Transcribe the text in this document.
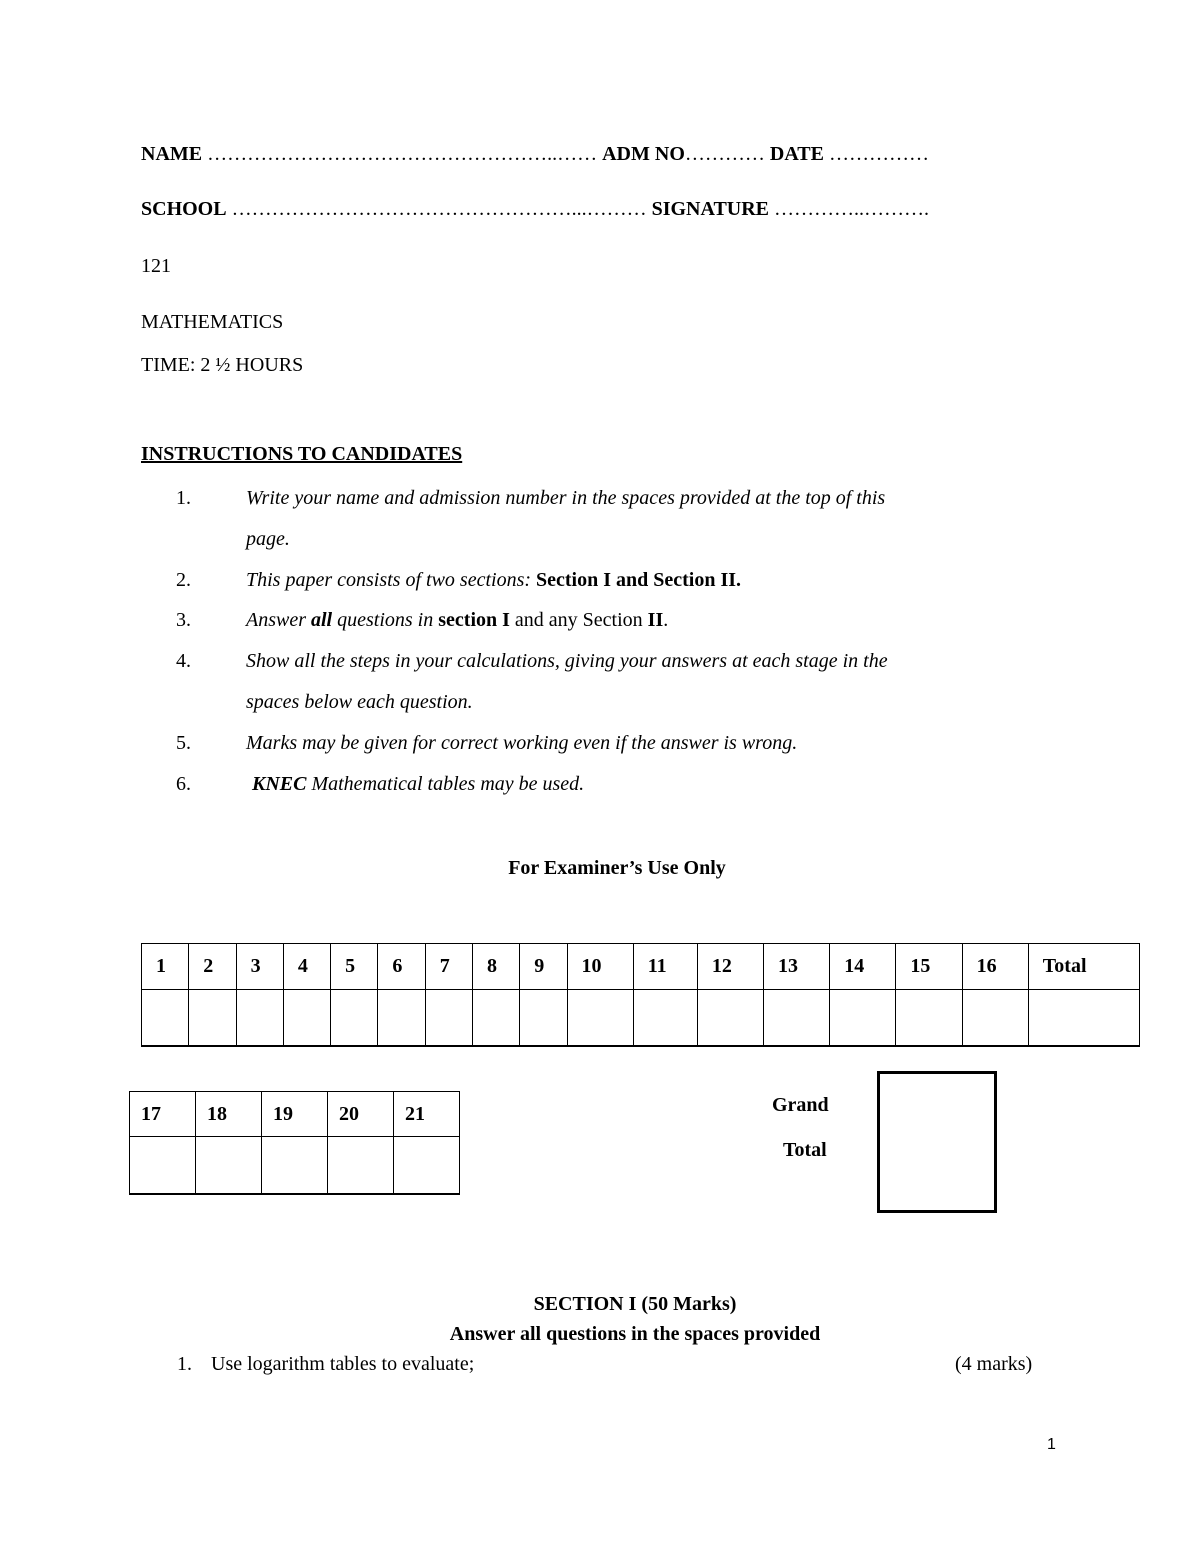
NAME ……………………………………………..…… ADM NO………… DATE ……………
SCHOOL ……………………………………………...……… SIGNATURE …………..……….
121
MATHEMATICS
TIME: 2 ½ HOURS
INSTRUCTIONS TO CANDIDATES
1.	Write your name and admission number in the spaces provided at the top of this
page.
2.	This paper consists of two sections: Section I and Section II.
3.	Answer all questions in section I and any Section II.
4.	Show all the steps in your calculations, giving your answers at each stage in the
spaces below each question.
5.	Marks may be given for correct working even if the answer is wrong.
6.	KNEC Mathematical tables may be used.
For Examiner’s Use Only
1	2	3	4	5	6	7	8	9	10	11	12	13	14	15	16	Total

17	18	19	20	21
					Grand
Total
SECTION I (50 Marks)
Answer all questions in the spaces provided
1. Use logarithm tables to evaluate;	(4 marks)
1
